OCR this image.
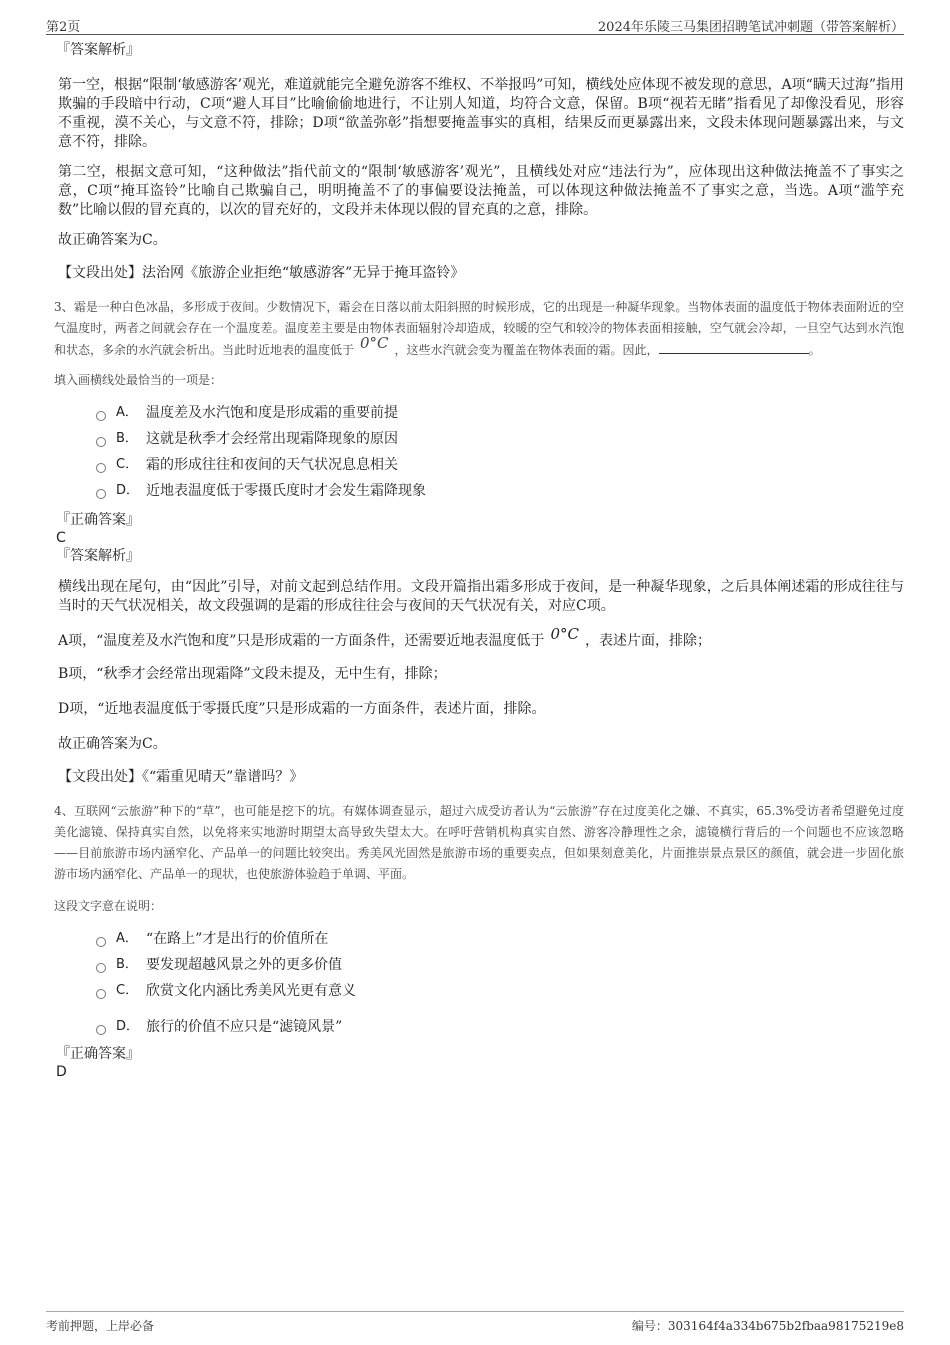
第2页	2024年乐陵三马集团招聘笔试冲刺题（带答案解析）
『答案解析』

第一空，根据“限制‘敏感游客’观光，难道就能完全避免游客不维权、不举报吗”可知，横线处应体现不被发现的意思，A项“瞒天过海”指用欺骗的手段暗中行动，C项“避人耳目”比喻偷偷地进行，不让别人知道，均符合文意，保留。B项“视若无睹”指看见了却像没看见，形容不重视，漠不关心，与文意不符，排除；D项“欲盖弥彰”指想要掩盖事实的真相，结果反而更暴露出来，文段未体现问题暴露出来，与文意不符，排除。

第二空，根据文意可知，“这种做法”指代前文的“限制‘敏感游客’观光”，且横线处对应“违法行为”，应体现出这种做法掩盖不了事实之意，C项“掩耳盗铃”比喻自己欺骗自己，明明掩盖不了的事偏要设法掩盖，可以体现这种做法掩盖不了事实之意，当选。A项“滥竽充数”比喻以假的冒充真的，以次的冒充好的，文段并未体现以假的冒充真的之意，排除。

故正确答案为C。

【文段出处】法治网《旅游企业拒绝“敏感游客”无异于掩耳盗铃》

3、霜是一种白色冰晶，多形成于夜间。少数情况下，霜会在日落以前太阳斜照的时候形成，它的出现是一种凝华现象。当物体表面的温度低于物体表面附近的空气温度时，两者之间就会存在一个温度差。温度差主要是由物体表面辐射冷却造成，较暖的空气和较冷的物体表面相接触，空气就会冷却，一旦空气达到水汽饱和状态，多余的水汽就会析出。当此时近地表的温度低于 0°C ，这些水汽就会变为覆盖在物体表面的霜。因此，	。

填入画横线处最恰当的一项是：

A． 温度差及水汽饱和度是形成霜的重要前提
B． 这就是秋季才会经常出现霜降现象的原因
C． 霜的形成往往和夜间的天气状况息息相关
D． 近地表温度低于零摄氏度时才会发生霜降现象
『正确答案』
C
『答案解析』

横线出现在尾句，由“因此”引导，对前文起到总结作用。文段开篇指出霜多形成于夜间，是一种凝华现象，之后具体阐述霜的形成往往与当时的天气状况相关，故文段强调的是霜的形成往往会与夜间的天气状况有关，对应C项。

A项，“温度差及水汽饱和度”只是形成霜的一方面条件，还需要近地表温度低于 0°C ，表述片面，排除；

B项，“秋季才会经常出现霜降”文段未提及，无中生有，排除；

D项，“近地表温度低于零摄氏度”只是形成霜的一方面条件，表述片面，排除。

故正确答案为C。

【文段出处】《“霜重见晴天”靠谱吗？》

4、互联网“云旅游”种下的“草”，也可能是挖下的坑。有媒体调查显示，超过六成受访者认为“云旅游”存在过度美化之嫌、不真实，65.3%受访者希望避免过度美化滤镜、保持真实自然，以免将来实地游时期望太高导致失望太大。在呼吁营销机构真实自然、游客冷静理性之余，滤镜横行背后的一个问题也不应该忽略——目前旅游市场内涵窄化、产品单一的问题比较突出。秀美风光固然是旅游市场的重要卖点，但如果刻意美化，片面推崇景点景区的颜值，就会进一步固化旅游市场内涵窄化、产品单一的现状，也使旅游体验趋于单调、平面。

这段文字意在说明：

A． “在路上”才是出行的价值所在
B． 要发现超越风景之外的更多价值
C． 欣赏文化内涵比秀美风光更有意义
D． 旅行的价值不应只是“滤镜风景”
『正确答案』
D
考前押题，上岸必备	编号：303164f4a334b675b2fbaa98175219e8
